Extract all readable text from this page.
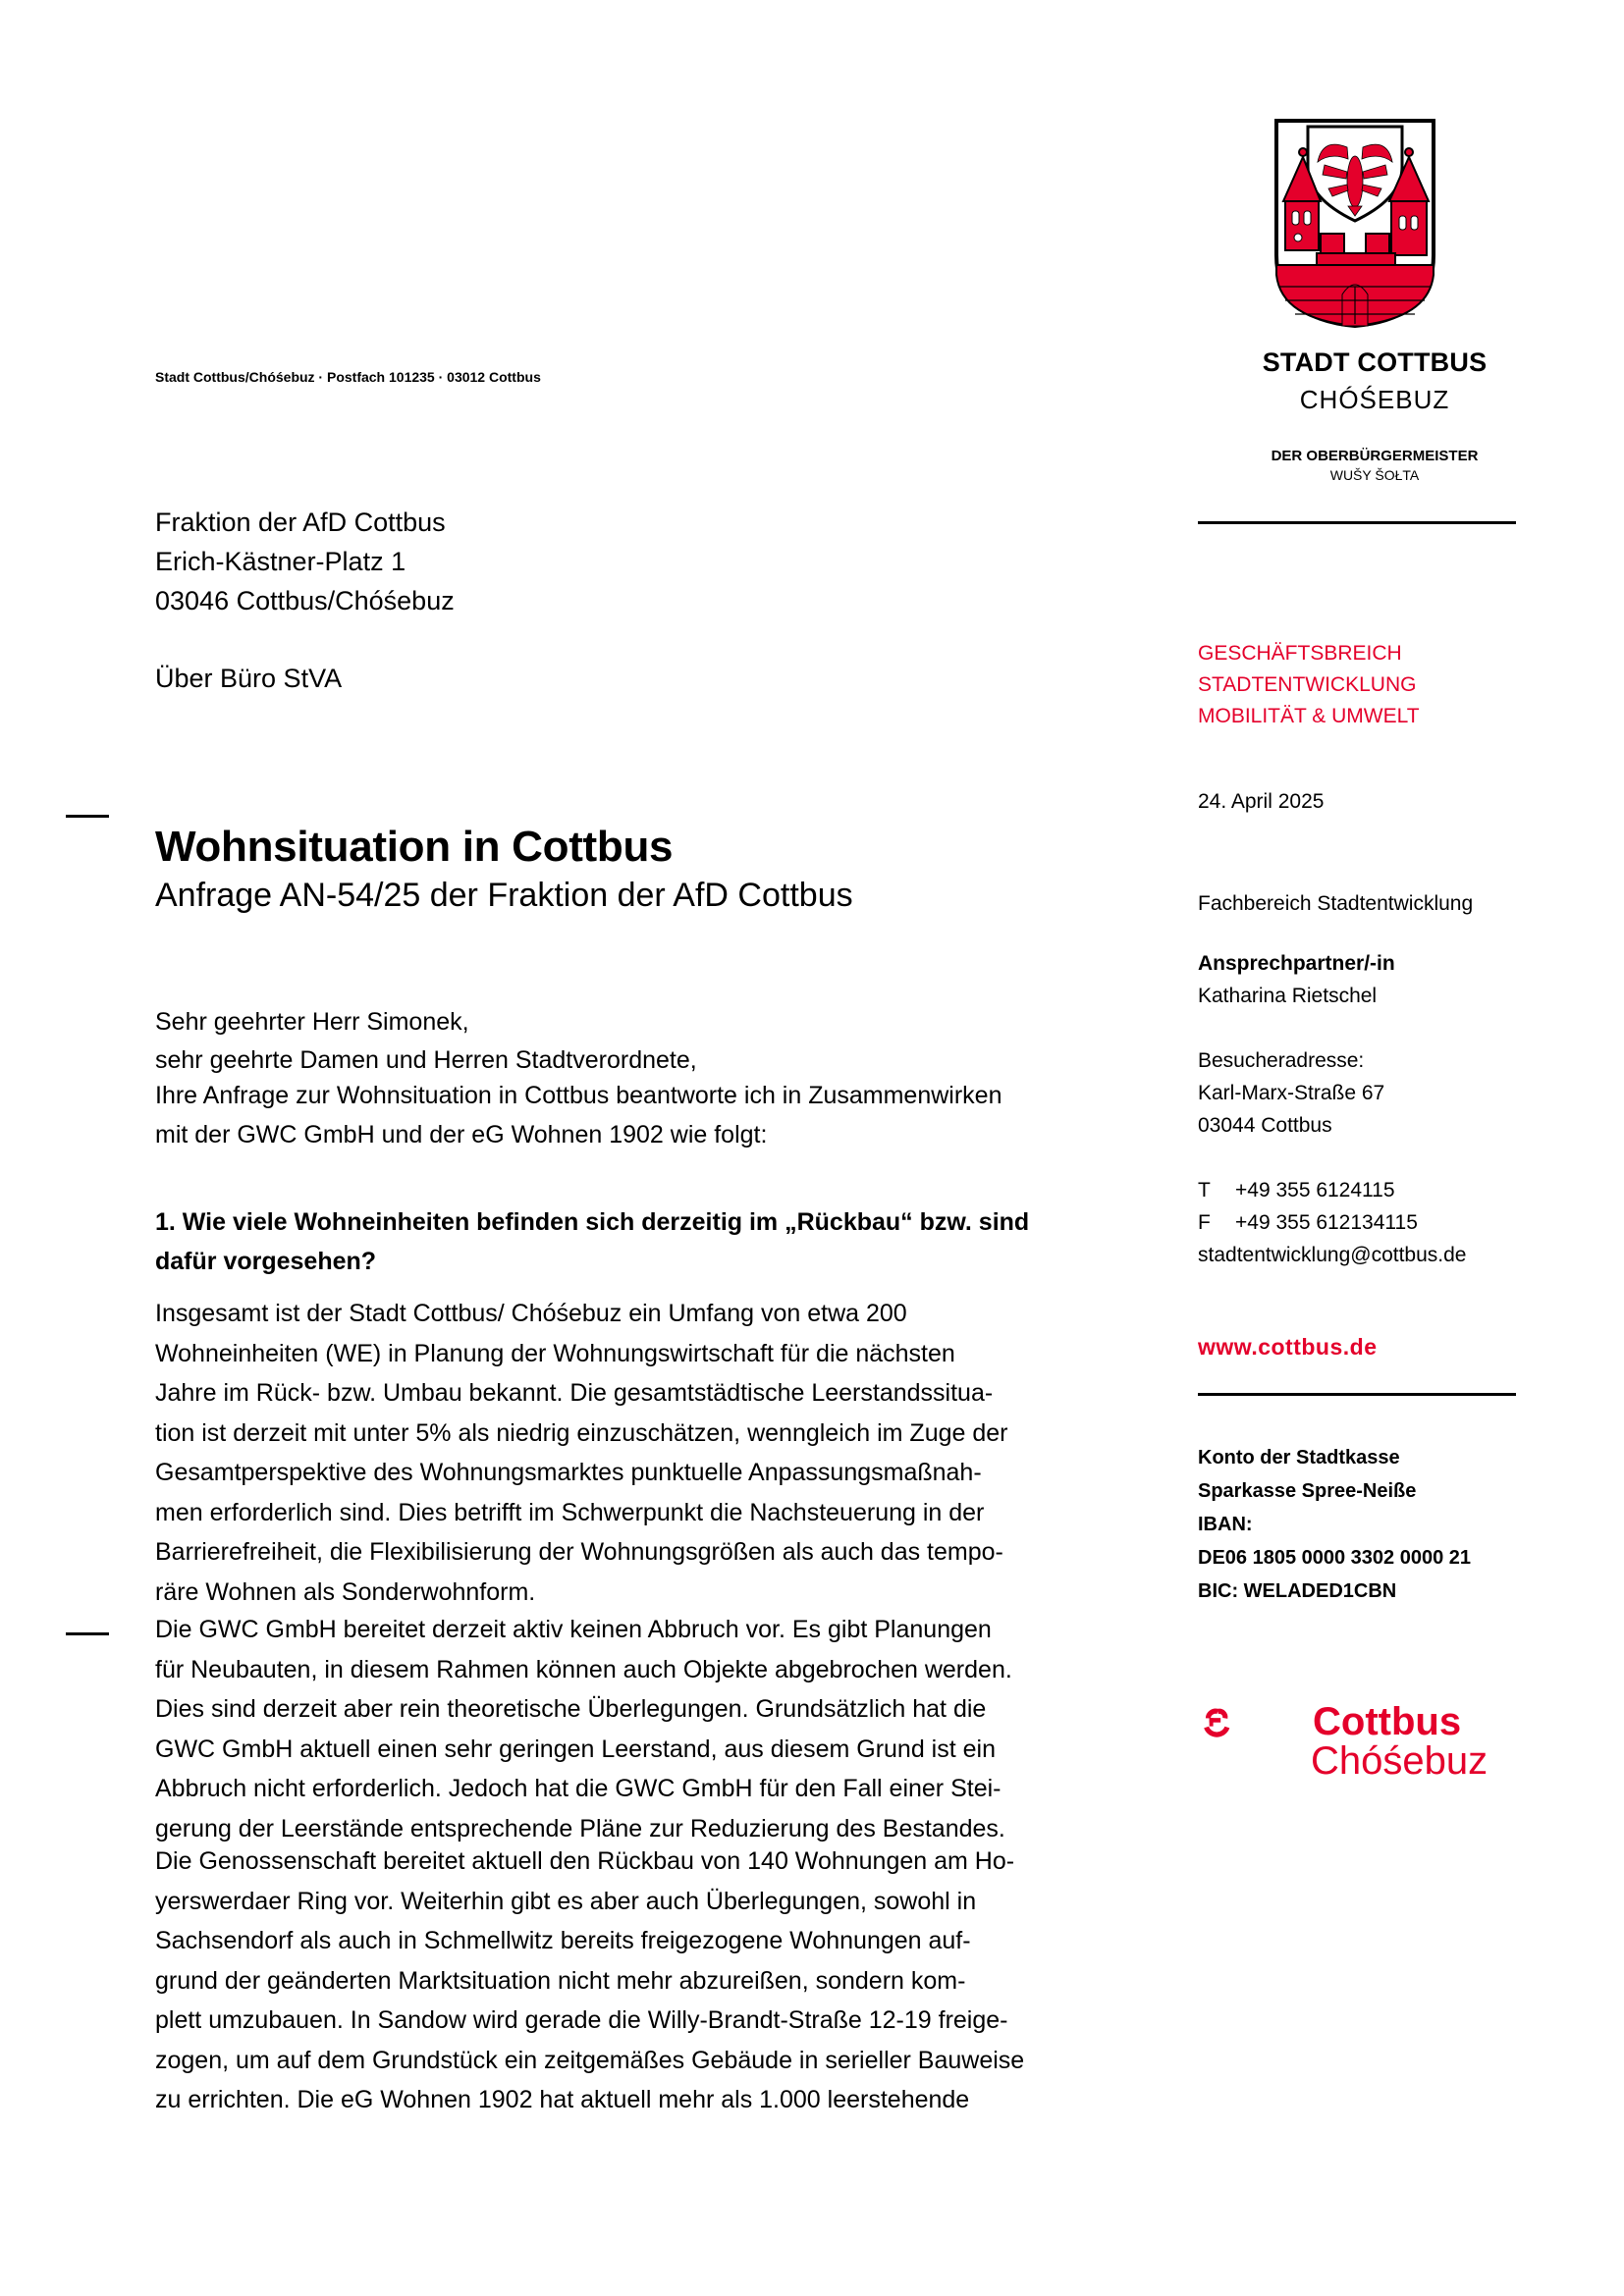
STADT COTTBUS
CHÓŚEBUZ
DER OBERBÜRGERMEISTER
WUŠY ŠOŁTA
Stadt Cottbus/Chóśebuz · Postfach 101235 · 03012 Cottbus
Fraktion der AfD Cottbus
Erich-Kästner-Platz 1
03046 Cottbus/Chóśebuz
Über Büro StVA
GESCHÄFTSBREICH
STADTENTWICKLUNG
MOBILITÄT & UMWELT
24. April 2025
Fachbereich Stadtentwicklung
Ansprechpartner/-in
Katharina Rietschel
Besucheradresse:
Karl-Marx-Straße 67
03044 Cottbus
T +49 355 6124115
F +49 355 612134115
stadtentwicklung@cottbus.de
www.cottbus.de
Konto der Stadtkasse
Sparkasse Spree-Neiße
IBAN:
DE06 1805 0000 3302 0000 21
BIC: WELADED1CBN
Cottbus
Chóśebuz
Wohnsituation in Cottbus
Anfrage AN-54/25 der Fraktion der AfD Cottbus
Sehr geehrter Herr Simonek,
sehr geehrte Damen und Herren Stadtverordnete,
Ihre Anfrage zur Wohnsituation in Cottbus beantworte ich in Zusammenwirken
mit der GWC GmbH und der eG Wohnen 1902 wie folgt:
1. Wie viele Wohneinheiten befinden sich derzeitig im „Rückbau“ bzw. sind
dafür vorgesehen?
Insgesamt ist der Stadt Cottbus/ Chóśebuz ein Umfang von etwa 200
Wohneinheiten (WE) in Planung der Wohnungswirtschaft für die nächsten
Jahre im Rück- bzw. Umbau bekannt. Die gesamtstädtische Leerstandssitua-
tion ist derzeit mit unter 5% als niedrig einzuschätzen, wenngleich im Zuge der
Gesamtperspektive des Wohnungsmarktes punktuelle Anpassungsmaßnah-
men erforderlich sind. Dies betrifft im Schwerpunkt die Nachsteuerung in der
Barrierefreiheit, die Flexibilisierung der Wohnungsgrößen als auch das tempo-
räre Wohnen als Sonderwohnform.
Die GWC GmbH bereitet derzeit aktiv keinen Abbruch vor. Es gibt Planungen
für Neubauten, in diesem Rahmen können auch Objekte abgebrochen werden.
Dies sind derzeit aber rein theoretische Überlegungen. Grundsätzlich hat die
GWC GmbH aktuell einen sehr geringen Leerstand, aus diesem Grund ist ein
Abbruch nicht erforderlich. Jedoch hat die GWC GmbH für den Fall einer Stei-
gerung der Leerstände entsprechende Pläne zur Reduzierung des Bestandes.
Die Genossenschaft bereitet aktuell den Rückbau von 140 Wohnungen am Ho-
yerswerdaer Ring vor. Weiterhin gibt es aber auch Überlegungen, sowohl in
Sachsendorf als auch in Schmellwitz bereits freigezogene Wohnungen auf-
grund der geänderten Marktsituation nicht mehr abzureißen, sondern kom-
plett umzubauen. In Sandow wird gerade die Willy-Brandt-Straße 12-19 freige-
zogen, um auf dem Grundstück ein zeitgemäßes Gebäude in serieller Bauweise
zu errichten. Die eG Wohnen 1902 hat aktuell mehr als 1.000 leerstehende
